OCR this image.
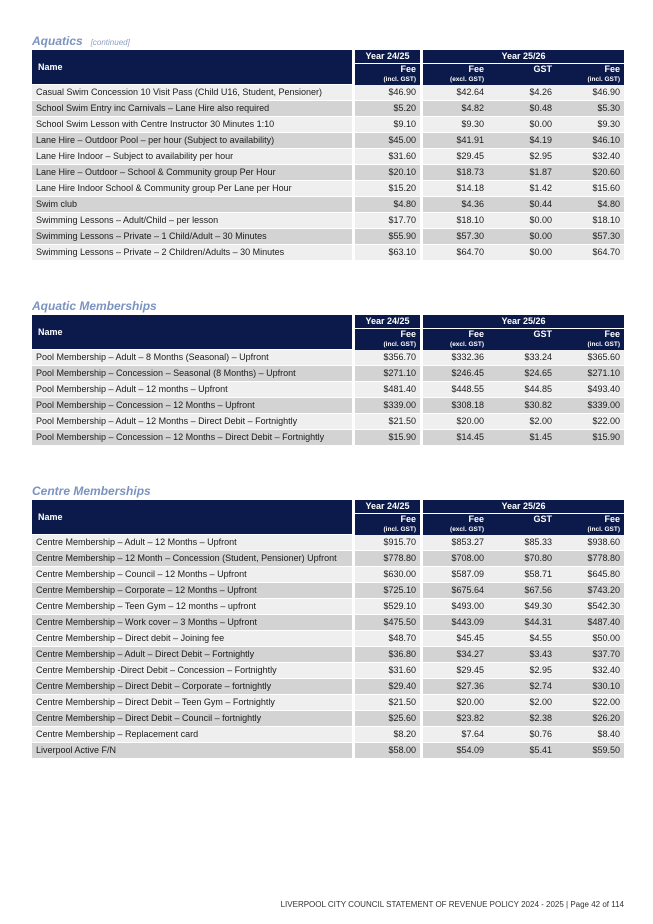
Aquatics [continued]
Name	Year 24/25	Year 25/26		
	Fee	Fee	GST	Fee
	(incl. GST)	(excl. GST)		(incl. GST)
Casual Swim Concession 10 Visit Pass (Child U16, Student, Pensioner)	$46.90	$42.64	$4.26	$46.90
School Swim Entry inc Carnivals – Lane Hire also required	$5.20	$4.82	$0.48	$5.30
School Swim Lesson with Centre Instructor 30 Minutes 1:10	$9.10	$9.30	$0.00	$9.30
Lane Hire – Outdoor Pool – per hour (Subject to availability)	$45.00	$41.91	$4.19	$46.10
Lane Hire Indoor – Subject to availability per hour	$31.60	$29.45	$2.95	$32.40
Lane Hire – Outdoor – School & Community group Per Hour	$20.10	$18.73	$1.87	$20.60
Lane Hire Indoor School & Community group Per Lane per Hour	$15.20	$14.18	$1.42	$15.60
Swim club	$4.80	$4.36	$0.44	$4.80
Swimming Lessons – Adult/Child – per lesson	$17.70	$18.10	$0.00	$18.10
Swimming Lessons – Private – 1 Child/Adult – 30 Minutes	$55.90	$57.30	$0.00	$57.30
Swimming Lessons – Private – 2 Children/Adults – 30 Minutes	$63.10	$64.70	$0.00	$64.70
Aquatic Memberships
Name	Year 24/25	Year 25/26		
	Fee	Fee	GST	Fee
	(incl. GST)	(excl. GST)		(incl. GST)
Pool Membership – Adult – 8 Months (Seasonal) – Upfront	$356.70	$332.36	$33.24	$365.60
Pool Membership – Concession – Seasonal (8 Months) – Upfront	$271.10	$246.45	$24.65	$271.10
Pool Membership – Adult – 12 months – Upfront	$481.40	$448.55	$44.85	$493.40
Pool Membership – Concession – 12 Months – Upfront	$339.00	$308.18	$30.82	$339.00
Pool Membership – Adult – 12 Months – Direct Debit – Fortnightly	$21.50	$20.00	$2.00	$22.00
Pool Membership – Concession – 12 Months – Direct Debit – Fortnightly	$15.90	$14.45	$1.45	$15.90
Centre Memberships
Name	Year 24/25	Year 25/26		
	Fee	Fee	GST	Fee
	(incl. GST)	(excl. GST)		(incl. GST)
Centre Membership – Adult – 12 Months – Upfront	$915.70	$853.27	$85.33	$938.60
Centre Membership – 12 Month – Concession (Student, Pensioner) Upfront	$778.80	$708.00	$70.80	$778.80
Centre Membership – Council – 12 Months – Upfront	$630.00	$587.09	$58.71	$645.80
Centre Membership – Corporate – 12 Months – Upfront	$725.10	$675.64	$67.56	$743.20
Centre Membership – Teen Gym – 12 months – upfront	$529.10	$493.00	$49.30	$542.30
Centre Membership – Work cover – 3 Months – Upfront	$475.50	$443.09	$44.31	$487.40
Centre Membership – Direct debit – Joining fee	$48.70	$45.45	$4.55	$50.00
Centre Membership – Adult – Direct Debit – Fortnightly	$36.80	$34.27	$3.43	$37.70
Centre Membership -Direct Debit – Concession – Fortnightly	$31.60	$29.45	$2.95	$32.40
Centre Membership – Direct Debit – Corporate – fortnightly	$29.40	$27.36	$2.74	$30.10
Centre Membership – Direct Debit – Teen Gym – Fortnightly	$21.50	$20.00	$2.00	$22.00
Centre Membership – Direct Debit – Council – fortnightly	$25.60	$23.82	$2.38	$26.20
Centre Membership – Replacement card	$8.20	$7.64	$0.76	$8.40
Liverpool Active F/N	$58.00	$54.09	$5.41	$59.50
LIVERPOOL CITY COUNCIL STATEMENT OF REVENUE POLICY 2024 - 2025 | Page 42 of 114
